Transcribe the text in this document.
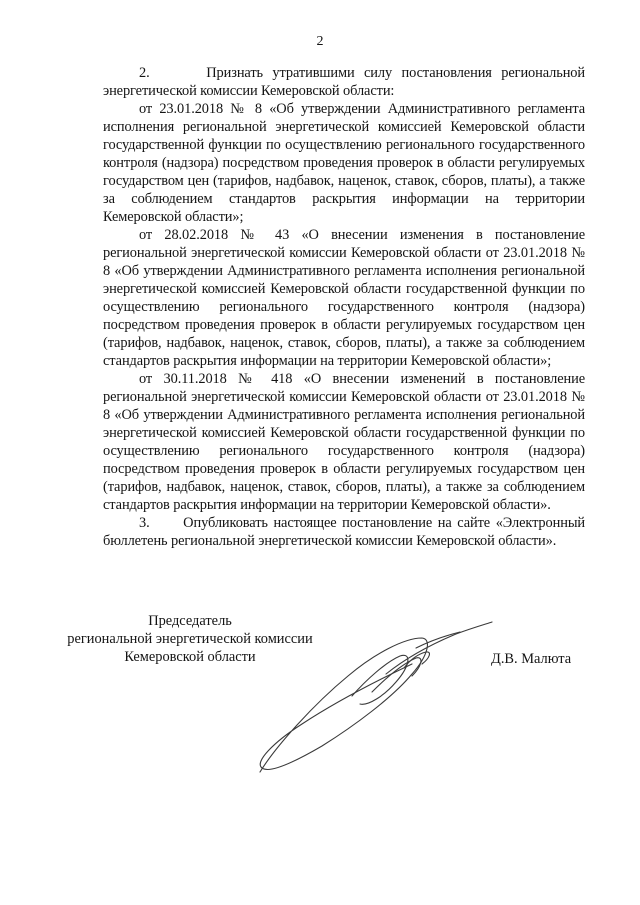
2

2.      Признать утратившими силу постановления региональной энергетической комиссии Кемеровской области:

от 23.01.2018 № 8 «Об утверждении Административного регламента исполнения региональной энергетической комиссией Кемеровской области государственной функции по осуществлению регионального государственного контроля (надзора) посредством проведения проверок в области регулируемых государством цен (тарифов, надбавок, наценок, ставок, сборов, платы), а также за соблюдением стандартов раскрытия информации на территории Кемеровской области»;

от 28.02.2018 № 43 «О внесении изменения в постановление региональной энергетической комиссии Кемеровской области от 23.01.2018 № 8 «Об утверждении Административного регламента исполнения региональной энергетической комиссией Кемеровской области государственной функции по осуществлению регионального государственного контроля (надзора) посредством проведения проверок в области регулируемых государством цен (тарифов, надбавок, наценок, ставок, сборов, платы), а также за соблюдением стандартов раскрытия информации на территории Кемеровской области»;

от 30.11.2018 № 418 «О внесении изменений в постановление региональной энергетической комиссии Кемеровской области от 23.01.2018 № 8 «Об утверждении Административного регламента исполнения региональной энергетической комиссией Кемеровской области государственной функции по осуществлению регионального государственного контроля (надзора) посредством проведения проверок в области регулируемых государством цен (тарифов, надбавок, наценок, ставок, сборов, платы), а также за соблюдением стандартов раскрытия информации на территории Кемеровской области».

3.      Опубликовать настоящее постановление на сайте «Электронный бюллетень региональной энергетической комиссии Кемеровской области».

Председатель
региональной энергетической комиссии
Кемеровской области	Д.В. Малюта
